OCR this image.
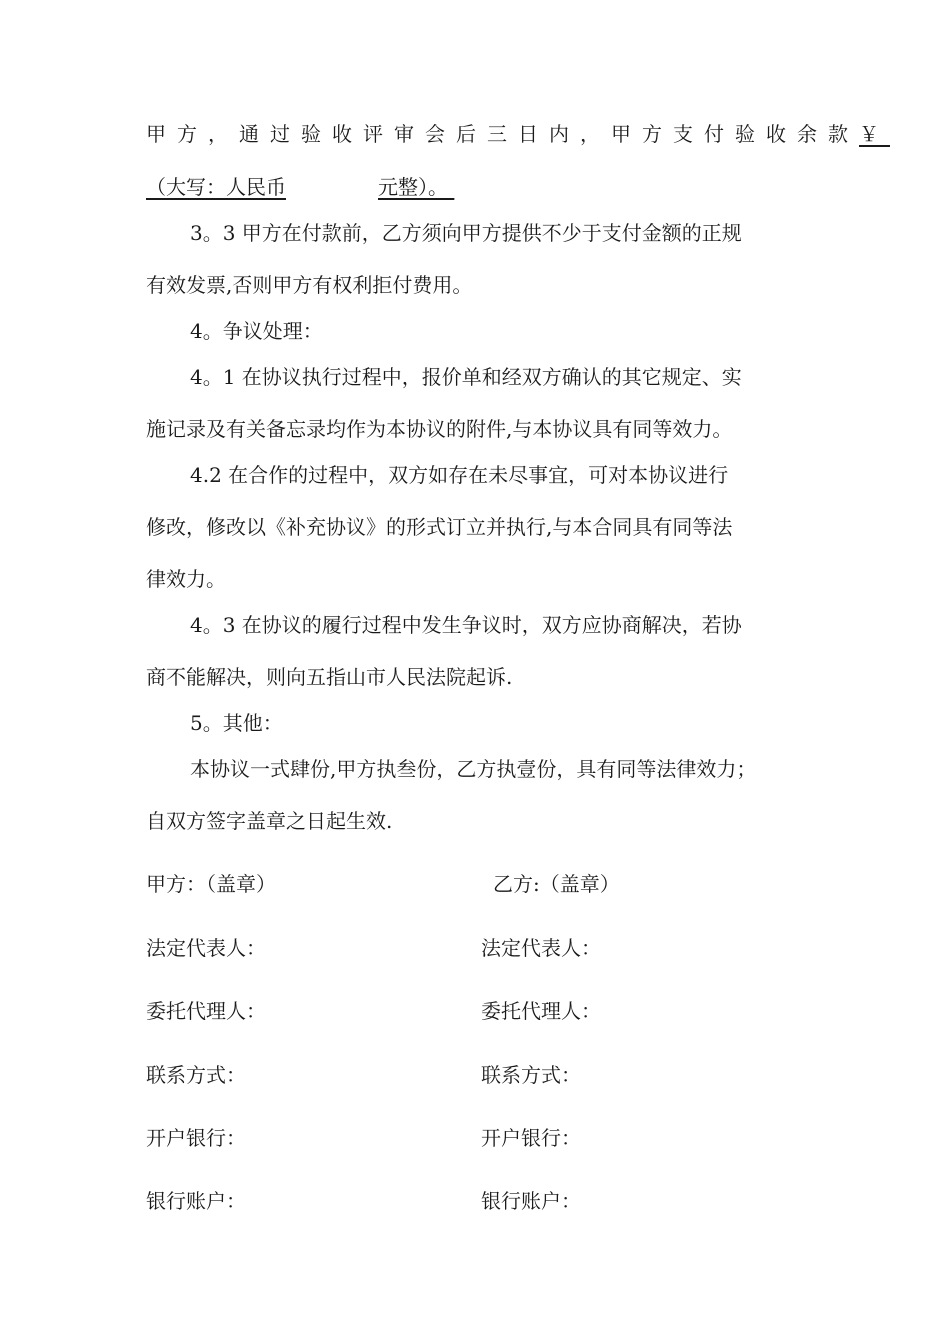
甲方，通过验收评审会后三日内，甲方支付验收余款￥
（大写：人民币	元整）。
3。3 甲方在付款前，乙方须向甲方提供不少于支付金额的正规
有效发票,否则甲方有权利拒付费用。
4。争议处理：
4。1 在协议执行过程中，报价单和经双方确认的其它规定、实
施记录及有关备忘录均作为本协议的附件,与本协议具有同等效力。
4.2 在合作的过程中，双方如存在未尽事宜，可对本协议进行
修改，修改以《补充协议》的形式订立并执行,与本合同具有同等法
律效力。
4。3 在协议的履行过程中发生争议时，双方应协商解决，若协
商不能解决，则向五指山市人民法院起诉.
5。其他：
本协议一式肆份,甲方执叁份，乙方执壹份，具有同等法律效力；
自双方签字盖章之日起生效.
甲方：（盖章）
法定代表人：
委托代理人：
联系方式：
开户银行：
银行账户：
乙方:（盖章）
法定代表人：
委托代理人：
联系方式：
开户银行：
银行账户：
